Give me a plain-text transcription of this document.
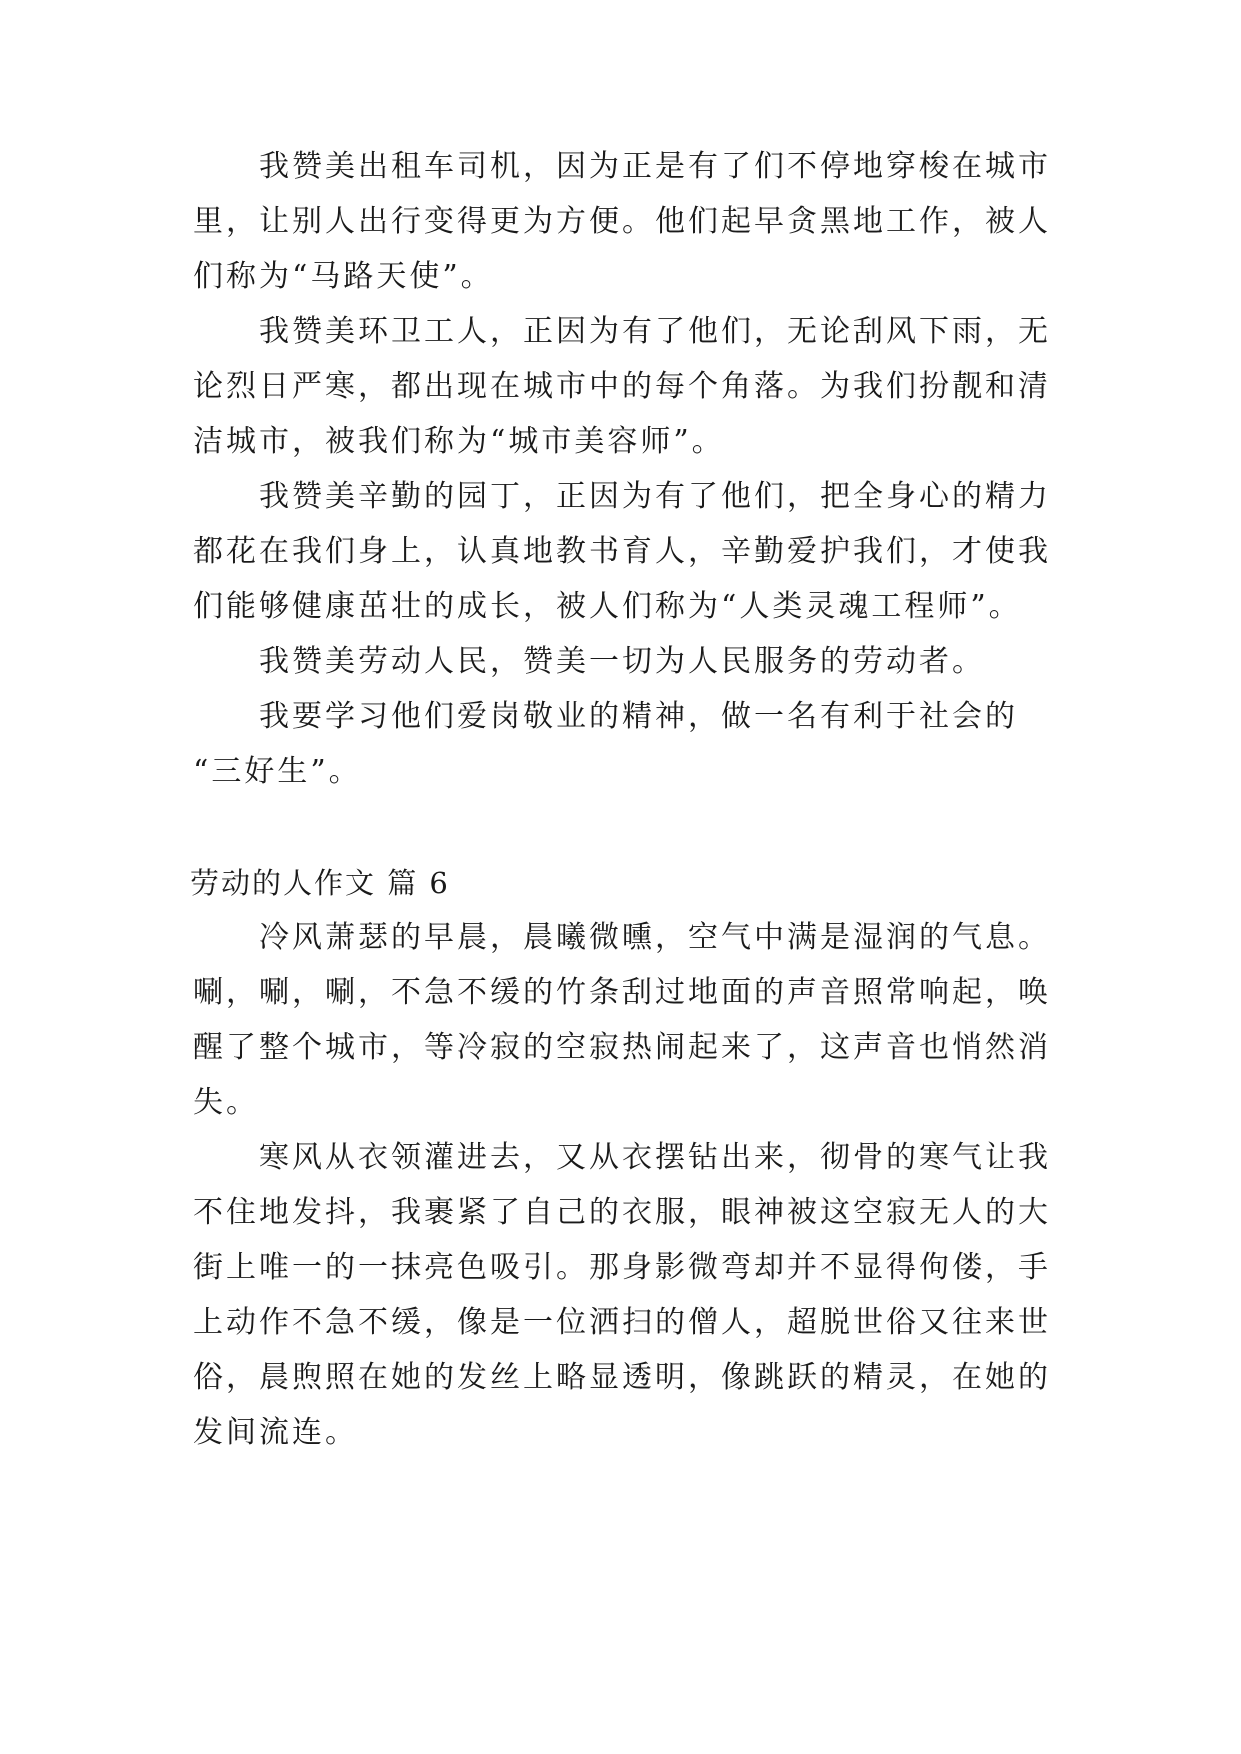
　　我赞美出租车司机，因为正是有了们不停地穿梭在城市
里，让别人出行变得更为方便。他们起早贪黑地工作，被人
们称为“马路天使”。
　　我赞美环卫工人，正因为有了他们，无论刮风下雨，无
论烈日严寒，都出现在城市中的每个角落。为我们扮靓和清
洁城市，被我们称为“城市美容师”。
　　我赞美辛勤的园丁，正因为有了他们，把全身心的精力
都花在我们身上，认真地教书育人，辛勤爱护我们，才使我
们能够健康茁壮的成长，被人们称为“人类灵魂工程师”。
　　我赞美劳动人民，赞美一切为人民服务的劳动者。
　　我要学习他们爱岗敬业的精神，做一名有利于社会的
“三好生”。
劳动的人作文 篇 6
　　冷风萧瑟的早晨，晨曦微曛，空气中满是湿润的气息。
唰，唰，唰，不急不缓的竹条刮过地面的声音照常响起，唤
醒了整个城市，等冷寂的空寂热闹起来了，这声音也悄然消
失。
　　寒风从衣领灌进去，又从衣摆钻出来，彻骨的寒气让我
不住地发抖，我裹紧了自己的衣服，眼神被这空寂无人的大
街上唯一的一抹亮色吸引。那身影微弯却并不显得佝偻，手
上动作不急不缓，像是一位洒扫的僧人，超脱世俗又往来世
俗，晨煦照在她的发丝上略显透明，像跳跃的精灵，在她的
发间流连。
